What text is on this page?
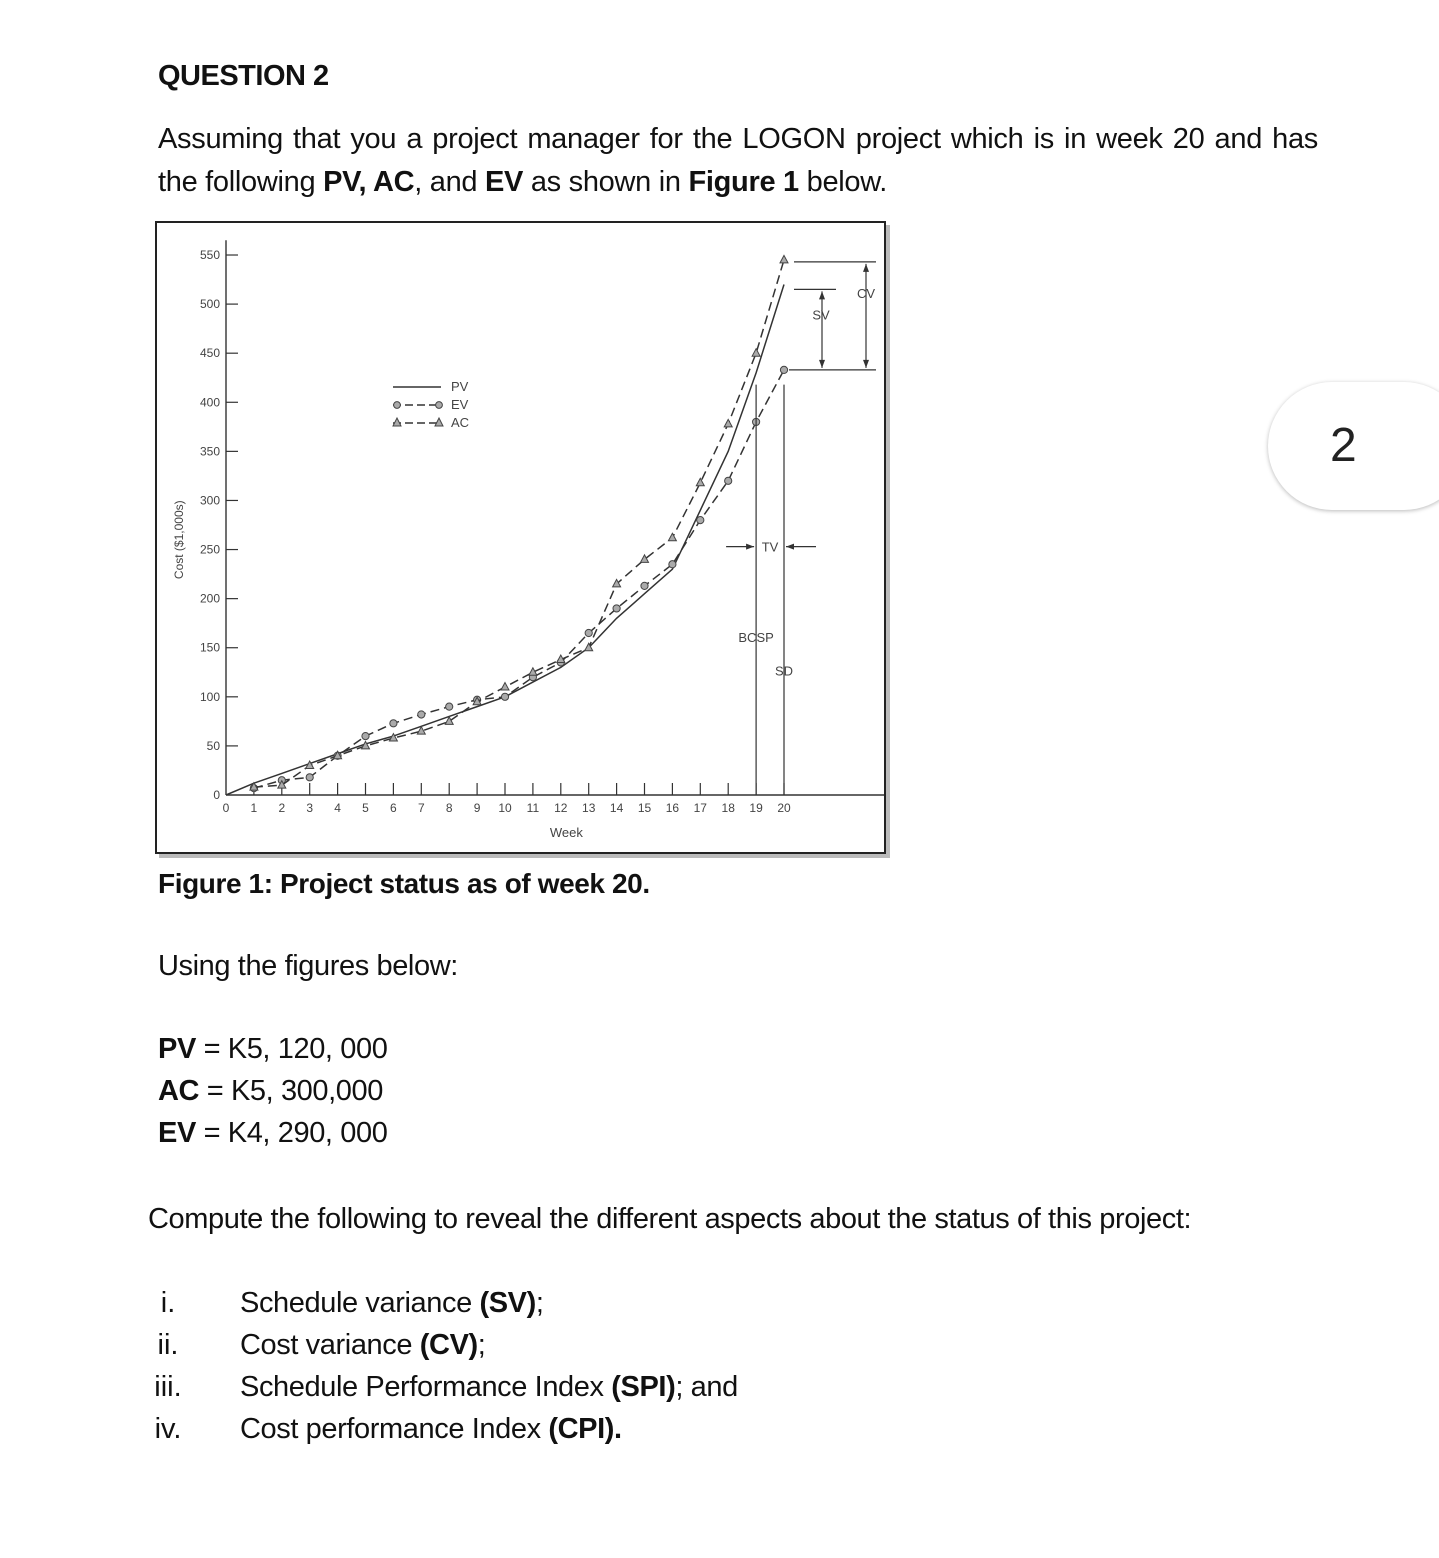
QUESTION 2
Assuming that you a project manager for the LOGON project which is in week 20 and has the following PV, AC, and EV as shown in Figure 1 below.
0
50
100
150
200
250
300
350
400
450
500
550
0 1 2 3 4 5 6 7 8 9 10 11 12 13 14 15 16 17 18 19 20
Week
Cost ($1,000s)
PV
EV
AC
SV
CV
BCSP
SD
TV
Figure 1: Project status as of week 20.
Using the figures below:
PV = K5, 120, 000
AC = K5, 300,000
EV = K4, 290, 000
Compute the following to reveal the different aspects about the status of this project:
i.	Schedule variance (SV);
ii. Cost variance (CV);
iii. Schedule Performance Index (SPI); and
iv. Cost performance Index (CPI).
2
